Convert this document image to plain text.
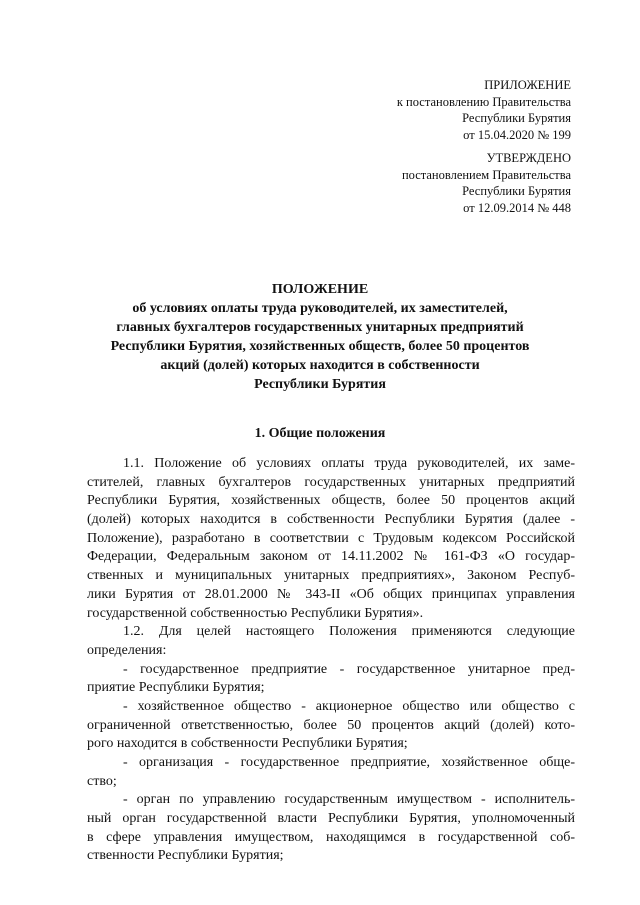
ПРИЛОЖЕНИЕ
к постановлению Правительства
Республики Бурятия
от 15.04.2020 № 199
УТВЕРЖДЕНО
постановлением Правительства
Республики Бурятия
от 12.09.2014 № 448
ПОЛОЖЕНИЕ
об условиях оплаты труда руководителей, их заместителей,
главных бухгалтеров государственных унитарных предприятий
Республики Бурятия, хозяйственных обществ, более 50 процентов
акций (долей) которых находится в собственности
Республики Бурятия
1. Общие положения
1.1. Положение об условиях оплаты труда руководителей, их заме-
стителей, главных бухгалтеров государственных унитарных предприятий
Республики Бурятия, хозяйственных обществ, более 50 процентов акций
(долей) которых находится в собственности Республики Бурятия (далее -
Положение), разработано в соответствии с Трудовым кодексом Российской
Федерации, Федеральным законом от 14.11.2002 № 161-ФЗ «О государ-
ственных и муниципальных унитарных предприятиях», Законом Респуб-
лики Бурятия от 28.01.2000 № 343-II «Об общих принципах управления
государственной собственностью Республики Бурятия».
1.2. Для целей настоящего Положения применяются следующие
определения:
- государственное предприятие - государственное унитарное пред-
приятие Республики Бурятия;
- хозяйственное общество - акционерное общество или общество с
ограниченной ответственностью, более 50 процентов акций (долей) кото-
рого находится в собственности Республики Бурятия;
- организация - государственное предприятие, хозяйственное обще-
ство;
- орган по управлению государственным имуществом - исполнитель-
ный орган государственной власти Республики Бурятия, уполномоченный
в сфере управления имуществом, находящимся в государственной соб-
ственности Республики Бурятия;
